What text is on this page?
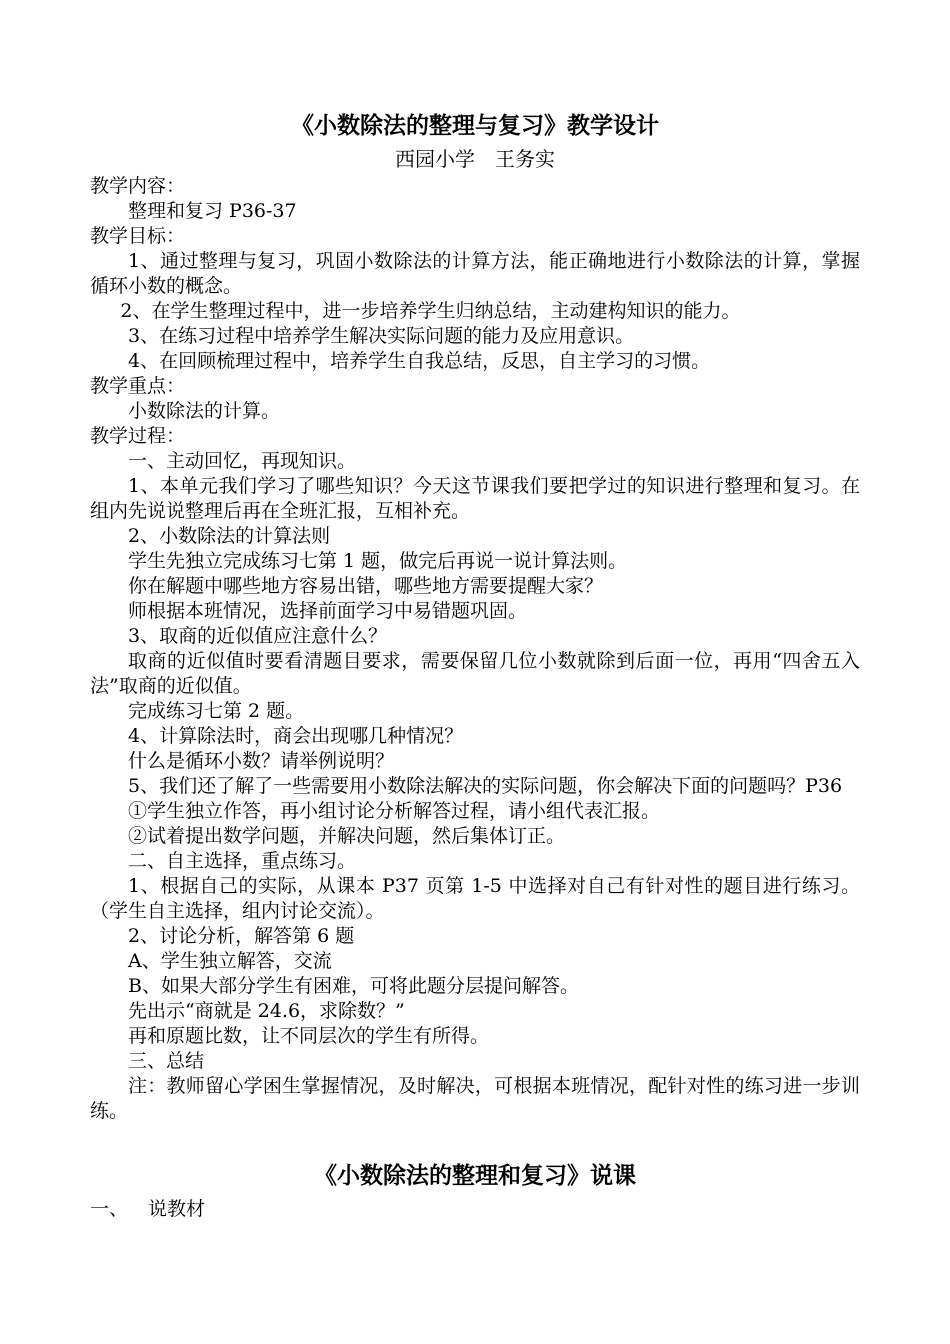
《小数除法的整理与复习》教学设计

西园小学　王务实

教学内容：

整理和复习 P36-37

教学目标：

1、通过整理与复习，巩固小数除法的计算方法，能正确地进行小数除法的计算，掌握循环小数的概念。

2、在学生整理过程中，进一步培养学生归纳总结，主动建构知识的能力。

3、在练习过程中培养学生解决实际问题的能力及应用意识。

4、在回顾梳理过程中，培养学生自我总结，反思，自主学习的习惯。

教学重点：

小数除法的计算。

教学过程：

一、主动回忆，再现知识。

1、本单元我们学习了哪些知识？今天这节课我们要把学过的知识进行整理和复习。在组内先说说整理后再在全班汇报，互相补充。

2、小数除法的计算法则

学生先独立完成练习七第 1 题，做完后再说一说计算法则。

你在解题中哪些地方容易出错，哪些地方需要提醒大家？

师根据本班情况，选择前面学习中易错题巩固。

3、取商的近似值应注意什么？

取商的近似值时要看清题目要求，需要保留几位小数就除到后面一位，再用“四舍五入法”取商的近似值。

完成练习七第 2 题。

4、计算除法时，商会出现哪几种情况？

什么是循环小数？请举例说明？

5、我们还了解了一些需要用小数除法解决的实际问题，你会解决下面的问题吗？P36

①学生独立作答，再小组讨论分析解答过程，请小组代表汇报。

②试着提出数学问题，并解决问题，然后集体订正。

二、自主选择，重点练习。

1、根据自己的实际，从课本 P37 页第 1-5 中选择对自己有针对性的题目进行练习。（学生自主选择，组内讨论交流）。

2、讨论分析，解答第 6 题

A、学生独立解答，交流

B、如果大部分学生有困难，可将此题分层提问解答。

先出示“商就是 24.6，求除数？”

再和原题比数，让不同层次的学生有所得。

三、总结

注：教师留心学困生掌握情况，及时解决，可根据本班情况，配针对性的练习进一步训练。

《小数除法的整理和复习》说课

一、 说教材
